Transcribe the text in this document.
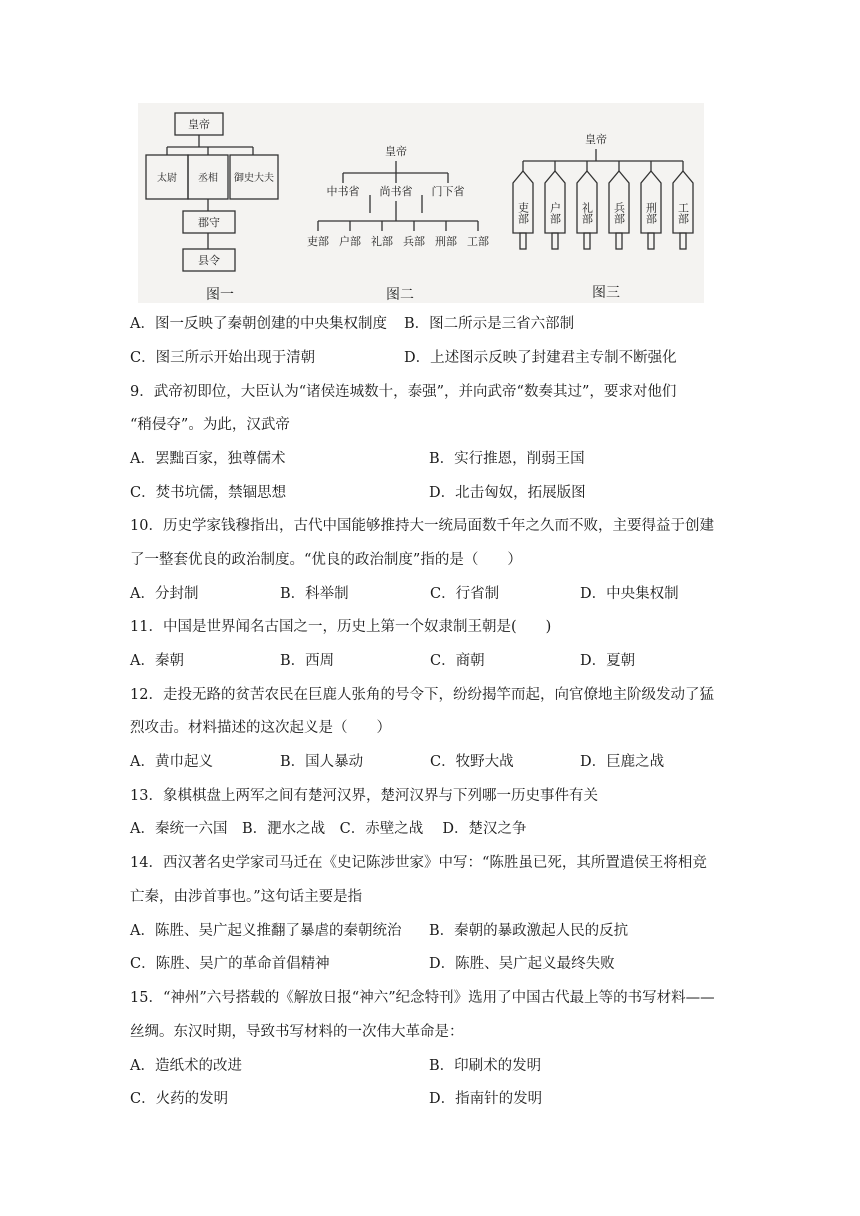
皇帝
太尉 丞相 御史大夫
郡守
县令
图一
皇帝
中书省 尚书省 门下省
吏部 户部 礼部 兵部 刑部 工部
图二
皇帝
吏部 户部 礼部 兵部 刑部 工部
图三
A．图一反映了秦朝创建的中央集权制度 B．图二所示是三省六部制
C．图三所示开始出现于清朝	D．上述图示反映了封建君主专制不断强化
9．武帝初即位，大臣认为“诸侯连城数十，泰强”，并向武帝“数奏其过”，要求对他们
“稍侵夺”。为此，汉武帝
A．罢黜百家，独尊儒术	B．实行推恩，削弱王国
C．焚书坑儒，禁锢思想	D．北击匈奴，拓展版图
10．历史学家钱穆指出，古代中国能够推持大一统局面数千年之久而不败，主要得益于创建
了一整套优良的政治制度。“优良的政治制度”指的是（　　）
A．分封制	B．科举制	C．行省制	D．中央集权制
11．中国是世界闻名古国之一，历史上第一个奴隶制王朝是(　　)
A．秦朝	B．西周	C．商朝	D．夏朝
12．走投无路的贫苦农民在巨鹿人张角的号令下，纷纷揭竿而起，向官僚地主阶级发动了猛
烈攻击。材料描述的这次起义是（　　）
A．黄巾起义	B．国人暴动	C．牧野大战	D．巨鹿之战
13．象棋棋盘上两军之间有楚河汉界，楚河汉界与下列哪一历史事件有关
A．秦统一六国　B．淝水之战　C．赤壁之战　 D．楚汉之争
14．西汉著名史学家司马迁在《史记陈涉世家》中写：“陈胜虽已死，其所置遣侯王将相竞
亡秦，由涉首事也。”这句话主要是指
A．陈胜、吴广起义推翻了暴虐的秦朝统治 B．秦朝的暴政激起人民的反抗
C．陈胜、吴广的革命首倡精神	D．陈胜、吴广起义最终失败
15．“神州”六号搭载的《解放日报“神六”纪念特刊》选用了中国古代最上等的书写材料——
丝绸。东汉时期，导致书写材料的一次伟大革命是：
A．造纸术的改进	B．印刷术的发明
C．火药的发明	D．指南针的发明
